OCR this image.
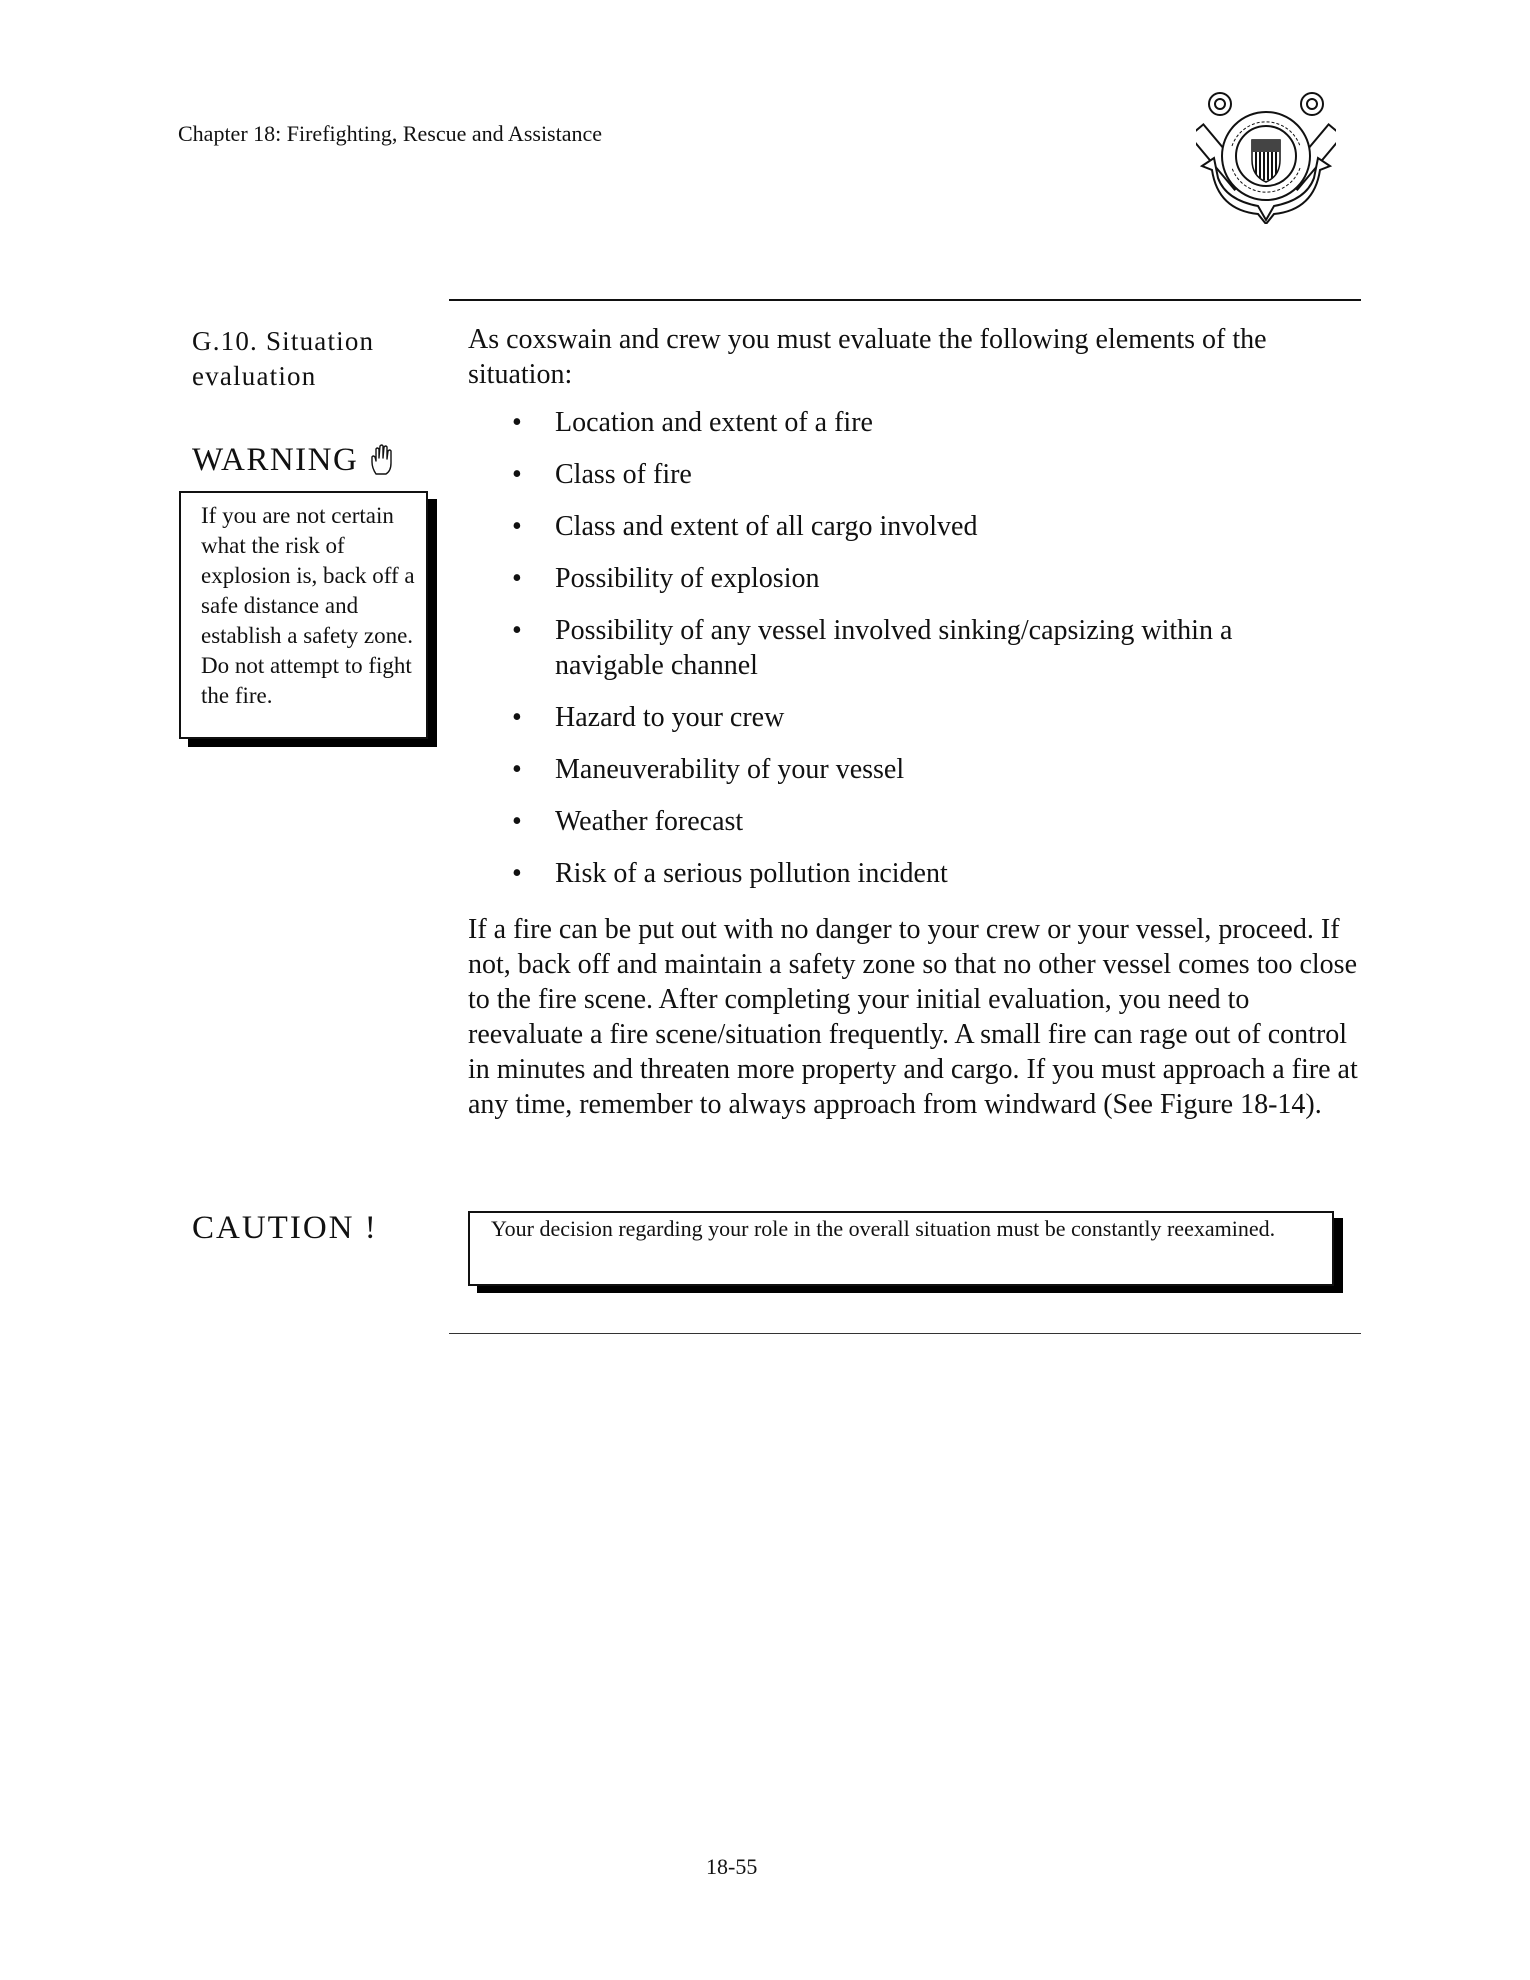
Chapter 18: Firefighting, Rescue and Assistance
G.10. Situation
evaluation
WARNING
If you are not certain what the risk of explosion is, back off a safe distance and establish a safety zone. Do not attempt to fight the fire.

As coxswain and crew you must evaluate the following elements of the situation:

• Location and extent of a fire
• Class of fire
• Class and extent of all cargo involved
• Possibility of explosion
• Possibility of any vessel involved sinking/capsizing within a navigable channel
• Hazard to your crew
• Maneuverability of your vessel
• Weather forecast
• Risk of a serious pollution incident

If a fire can be put out with no danger to your crew or your vessel, proceed. If not, back off and maintain a safety zone so that no other vessel comes too close to the fire scene. After completing your initial evaluation, you need to reevaluate a fire scene/situation frequently. A small fire can rage out of control in minutes and threaten more property and cargo. If you must approach a fire at any time, remember to always approach from windward (See Figure 18-14).

CAUTION !	Your decision regarding your role in the overall situation must be constantly reexamined.
18-55
